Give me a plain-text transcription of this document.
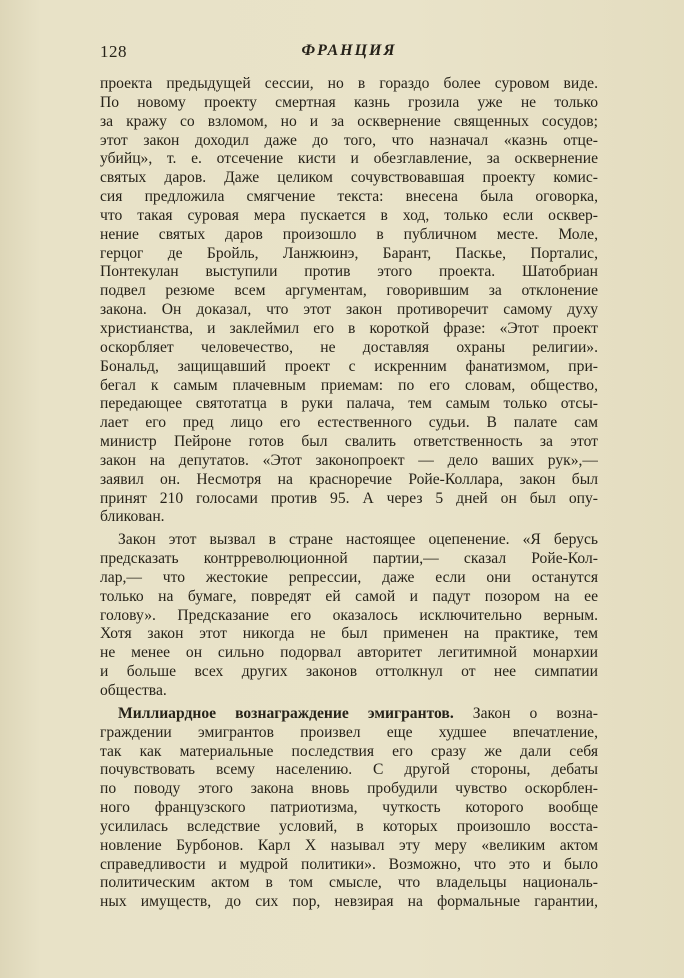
128	ФРАНЦИЯ
проекта предыдущей сессии, но в гораздо более суровом виде.
По новому проекту смертная казнь грозила уже не только
за кражу со взломом, но и за осквернение священных сосудов;
этот закон доходил даже до того, что назначал «казнь отце-
убийц», т. е. отсечение кисти и обезглавление, за осквернение
святых даров. Даже целиком сочувствовавшая проекту комис-
сия предложила смягчение текста: внесена была оговорка,
что такая суровая мера пускается в ход, только если осквер-
нение святых даров произошло в публичном месте. Моле,
герцог де Бройль, Ланжюинэ, Барант, Паскье, Порталис,
Понтекулан выступили против этого проекта. Шатобриан
подвел резюме всем аргументам, говорившим за отклонение
закона. Он доказал, что этот закон противоречит самому духу
христианства, и заклеймил его в короткой фразе: «Этот проект
оскорбляет человечество, не доставляя охраны религии».
Бональд, защищавший проект с искренним фанатизмом, при-
бегал к самым плачевным приемам: по его словам, общество,
передающее святотатца в руки палача, тем самым только отсы-
лает его пред лицо его естественного судьи. В палате сам
министр Пейроне готов был свалить ответственность за этот
закон на депутатов. «Этот законопроект — дело ваших рук»,—
заявил он. Несмотря на красноречие Ройе-Коллара, закон был
принят 210 голосами против 95. А через 5 дней он был опу-
бликован.
Закон этот вызвал в стране настоящее оцепенение. «Я берусь
предсказать контрреволюционной партии,— сказал Ройе-Кол-
лар,— что жестокие репрессии, даже если они останутся
только на бумаге, повредят ей самой и падут позором на ее
голову». Предсказание его оказалось исключительно верным.
Хотя закон этот никогда не был применен на практике, тем
не менее он сильно подорвал авторитет легитимной монархии
и больше всех других законов оттолкнул от нее симпатии
общества.
Миллиардное вознаграждение эмигрантов. Закон о возна-
граждении эмигрантов произвел еще худшее впечатление,
так как материальные последствия его сразу же дали себя
почувствовать всему населению. С другой стороны, дебаты
по поводу этого закона вновь пробудили чувство оскорблен-
ного французского патриотизма, чуткость которого вообще
усилилась вследствие условий, в которых произошло восста-
новление Бурбонов. Карл X называл эту меру «великим актом
справедливости и мудрой политики». Возможно, что это и было
политическим актом в том смысле, что владельцы националь-
ных имуществ, до сих пор, невзирая на формальные гарантии,
